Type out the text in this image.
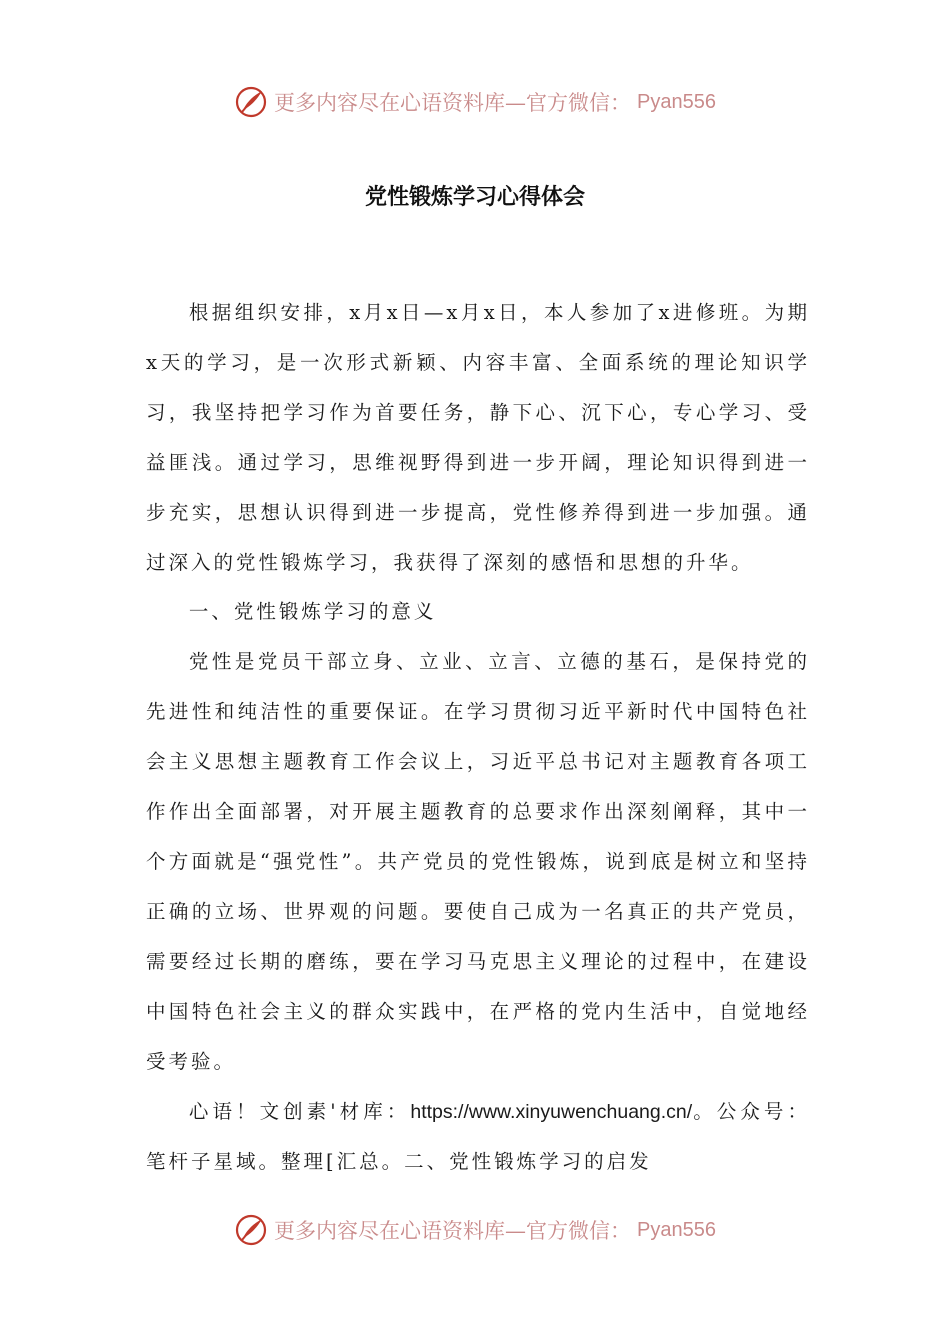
更多内容尽在心语资料库—官方微信： Pyan556
党性锻炼学习心得体会

根据组织安排，x月x日—x月x日，本人参加了x进修班。为期x天的学习，是一次形式新颖、内容丰富、全面系统的理论知识学习，我坚持把学习作为首要任务，静下心、沉下心，专心学习、受益匪浅。通过学习，思维视野得到进一步开阔，理论知识得到进一步充实，思想认识得到进一步提高，党性修养得到进一步加强。通过深入的党性锻炼学习，我获得了深刻的感悟和思想的升华。

一、党性锻炼学习的意义

党性是党员干部立身、立业、立言、立德的基石，是保持党的先进性和纯洁性的重要保证。在学习贯彻习近平新时代中国特色社会主义思想主题教育工作会议上，习近平总书记对主题教育各项工作作出全面部署，对开展主题教育的总要求作出深刻阐释，其中一个方面就是“强党性”。共产党员的党性锻炼，说到底是树立和坚持正确的立场、世界观的问题。要使自己成为一名真正的共产党员，需要经过长期的磨练，要在学习马克思主义理论的过程中，在建设中国特色社会主义的群众实践中，在严格的党内生活中，自觉地经受考验。

心语！文创素'材库：https://www.xinyuwenchuang.cn/。公众号：笔杆子星域。整理[汇总。二、党性锻炼学习的启发

更多内容尽在心语资料库—官方微信： Pyan556
